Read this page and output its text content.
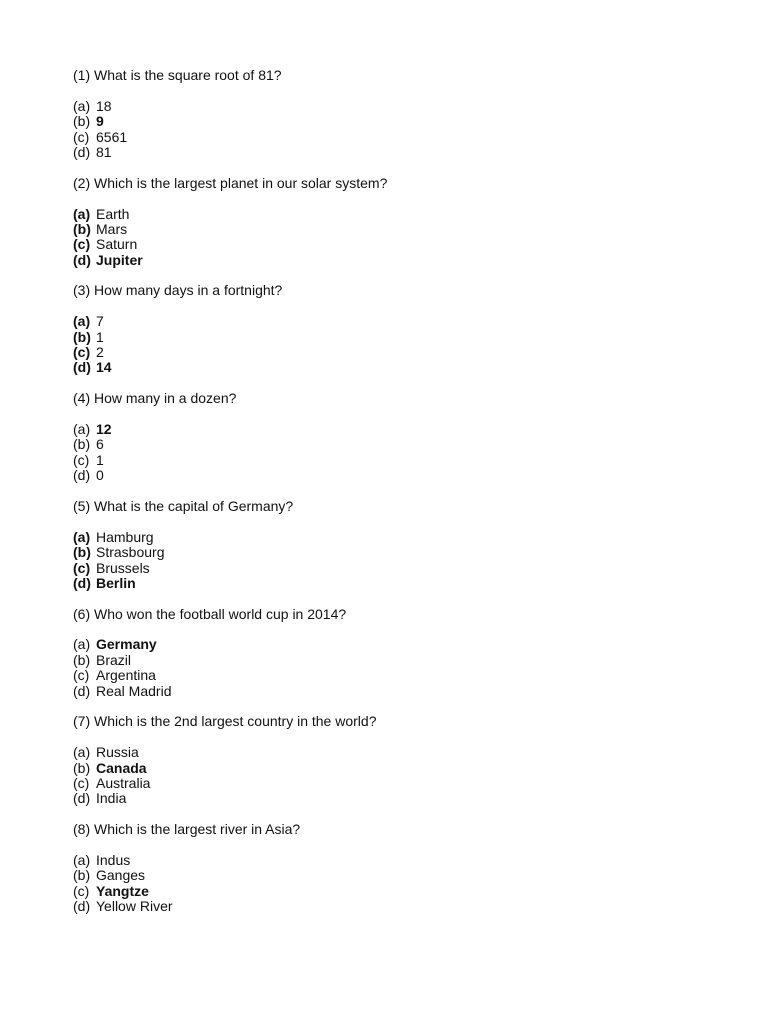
(1) What is the square root of 81?
(a) 18
(b) 9
(c) 6561
(d) 81
(2) Which is the largest planet in our solar system?
(a) Earth
(b) Mars
(c) Saturn
(d) Jupiter
(3) How many days in a fortnight?
(a) 7
(b) 1
(c) 2
(d) 14
(4) How many in a dozen?
(a) 12
(b) 6
(c) 1
(d) 0
(5) What is the capital of Germany?
(a) Hamburg
(b) Strasbourg
(c) Brussels
(d) Berlin
(6) Who won the football world cup in 2014?
(a) Germany
(b) Brazil
(c) Argentina
(d) Real Madrid
(7) Which is the 2nd largest country in the world?
(a) Russia
(b) Canada
(c) Australia
(d) India
(8) Which is the largest river in Asia?
(a) Indus
(b) Ganges
(c) Yangtze
(d) Yellow River
